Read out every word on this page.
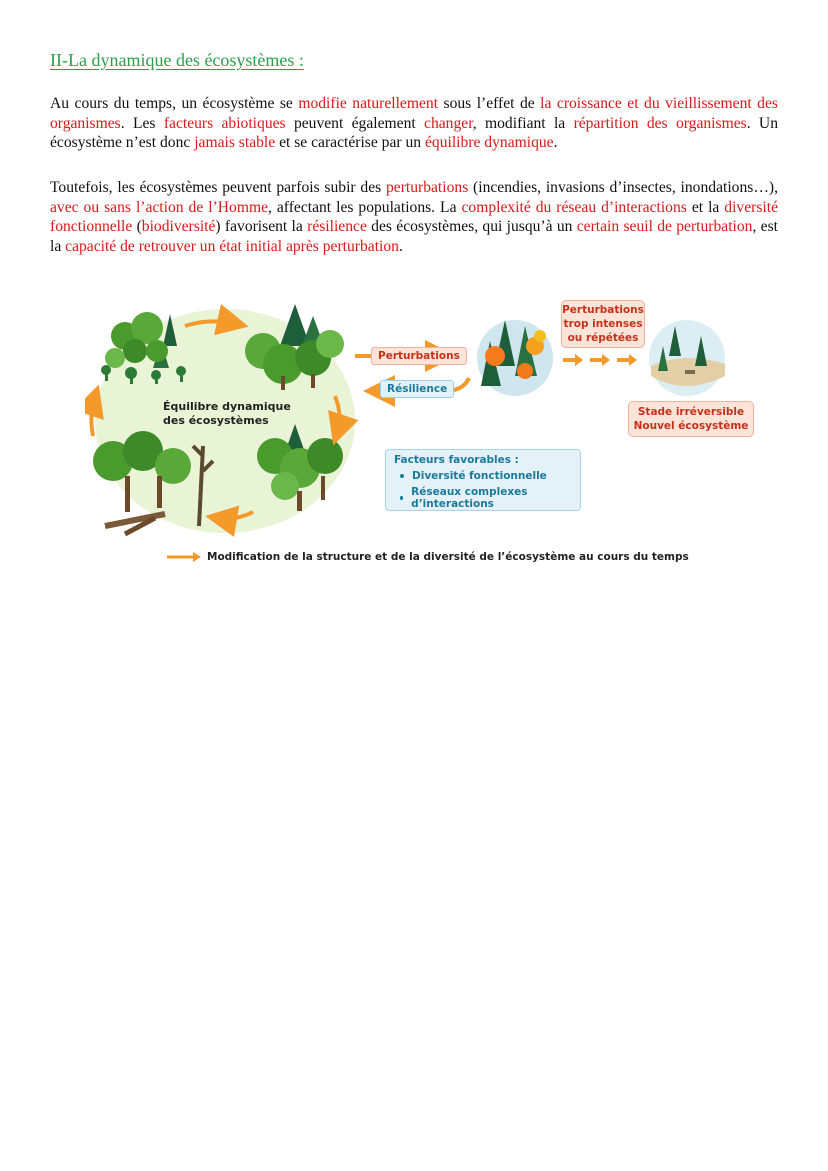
II-La dynamique des écosystèmes :

Au cours du temps, un écosystème se modifie naturellement sous l’effet de la croissance et du vieillissement des organismes. Les facteurs abiotiques peuvent également changer, modifiant la répartition des organismes. Un écosystème n’est donc jamais stable et se caractérise par un équilibre dynamique.

Toutefois, les écosystèmes peuvent parfois subir des perturbations (incendies, invasions d’insectes, inondations…), avec ou sans l’action de l’Homme, affectant les populations. La complexité du réseau d’interactions et la diversité fonctionnelle (biodiversité) favorisent la résilience des écosystèmes, qui jusqu’à un certain seuil de perturbation, est la capacité de retrouver un état initial après perturbation.

Équilibre dynamique
des écosystèmes
Perturbations
Résilience
Perturbations
trop intenses
ou répétées
Stade irréversible
Nouvel écosystème
Facteurs favorables :
Diversité fonctionnelle
Réseaux complexes d’interactions
Modification de la structure et de la diversité de l’écosystème au cours du temps
